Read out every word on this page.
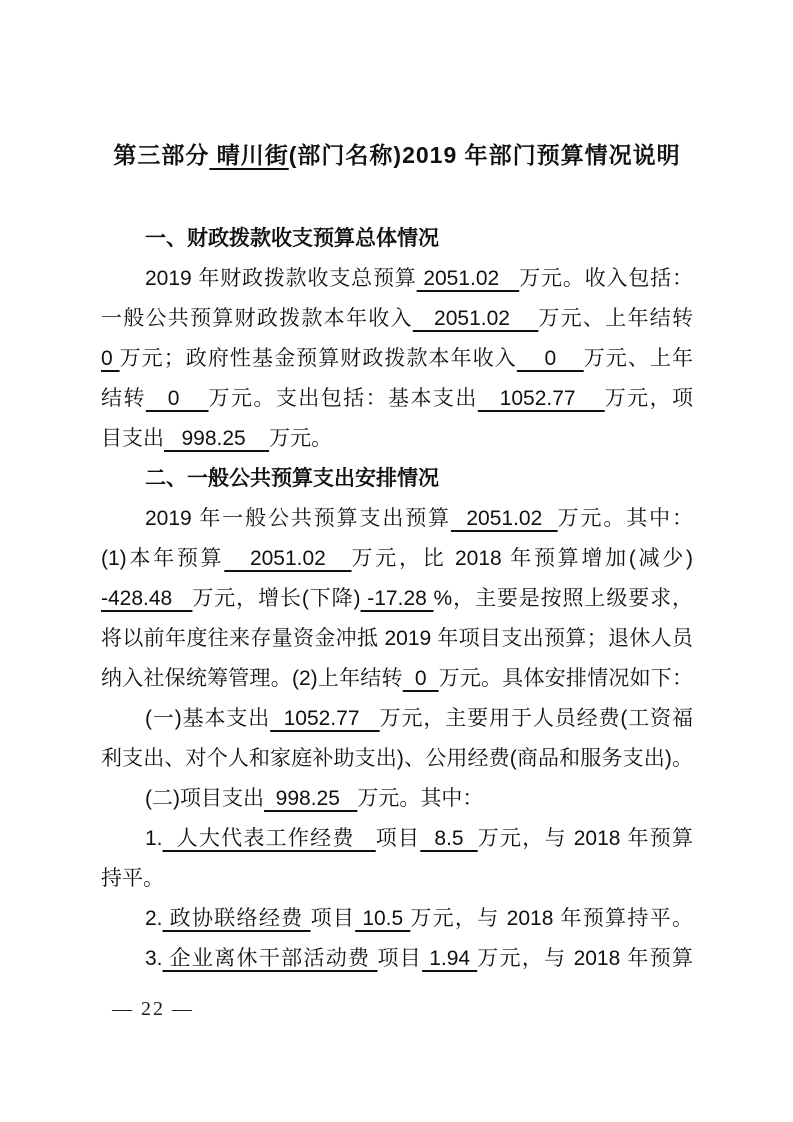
第三部分 晴川街(部门名称)2019 年部门预算情况说明
一、财政拨款收支预算总体情况
2019 年财政拨款收支总预算 2051.02   万元。收入包括：
一般公共预算财政拨款本年收入   2051.02    万元、上年结转
0 万元；政府性基金预算财政拨款本年收入    0    万元、上年
结转   0    万元。支出包括：基本支出   1052.77    万元，项
目支出   998.25    万元。
二、一般公共预算支出安排情况
2019 年一般公共预算支出预算  2051.02  万元。其中：
(1)本年预算   2051.02   万元，比 2018 年预算增加(减少)
-428.48   万元，增长(下降) -17.28 %，主要是按照上级要求，
将以前年度往来存量资金冲抵 2019 年项目支出预算；退休人员
纳入社保统筹管理。(2)上年结转  0  万元。具体安排情况如下：
(一)基本支出  1052.77   万元，主要用于人员经费(工资福
利支出、对个人和家庭补助支出)、公用经费(商品和服务支出)。
(二)项目支出  998.25   万元。其中：
1.  人大代表工作经费   项目  8.5  万元，与 2018 年预算
持平。
2. 政协联络经费 项目 10.5 万元，与 2018 年预算持平。
3. 企业离休干部活动费 项目 1.94 万元，与 2018 年预算
— 22 —
